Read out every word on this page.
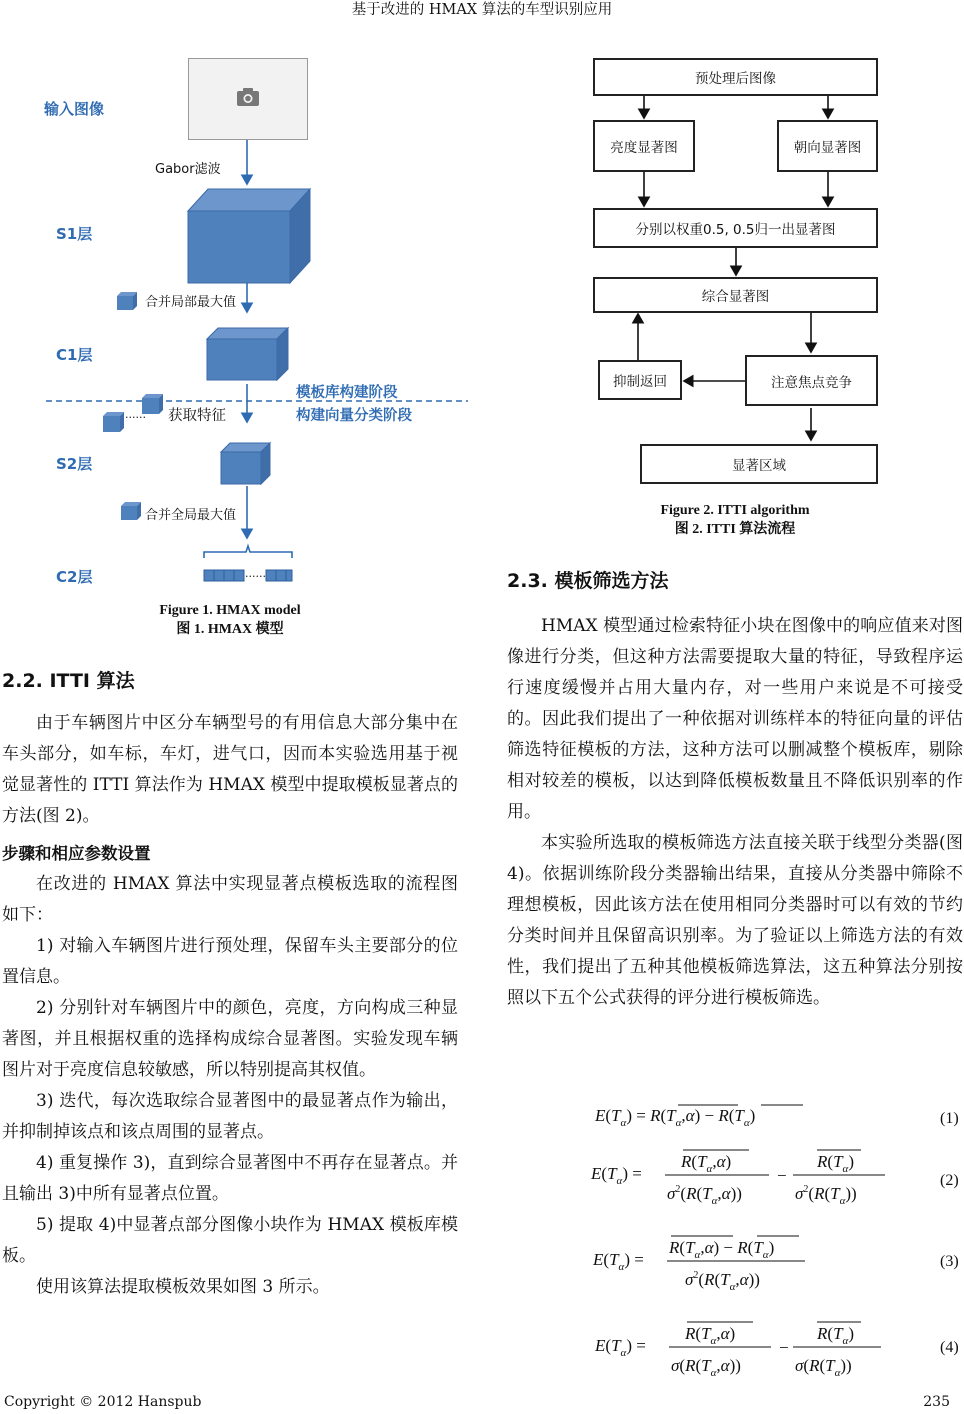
基于改进的 HMAX 算法的车型识别应用
Copyright © 2012 Hanspub	235
输入图像
S1层
C1层
S2层
C2层
Gabor滤波
合并局部最大值
模板库构建阶段
构建向量分类阶段
...... 获取特征
合并全局最大值
......
Figure 1. HMAX model
图 1. HMAX 模型
预处理后图像
亮度显著图	朝向显著图
分别以权重0.5, 0.5归一出显著图
综合显著图
抑制返回	注意焦点竞争
显著区域
Figure 2. ITTI algorithm
图 2. ITTI 算法流程

2.2. ITTI 算法

由于车辆图片中区分车辆型号的有用信息大部分集中在车头部分，如车标，车灯，进气口，因而本实验选用基于视觉显著性的 ITTI 算法作为 HMAX 模型中提取模板显著点的方法(图 2)。

步骤和相应参数设置

在改进的 HMAX 算法中实现显著点模板选取的流程图如下：

1) 对输入车辆图片进行预处理，保留车头主要部分的位置信息。

2) 分别针对车辆图片中的颜色，亮度，方向构成三种显著图，并且根据权重的选择构成综合显著图。实验发现车辆图片对于亮度信息较敏感，所以特别提高其权值。

3) 迭代，每次选取综合显著图中的最显著点作为输出，并抑制掉该点和该点周围的显著点。

4) 重复操作 3)，直到综合显著图中不再存在显著点。并且输出 3)中所有显著点位置。

5) 提取 4)中显著点部分图像小块作为 HMAX 模板库模板。

使用该算法提取模板效果如图 3 所示。

2.3. 模板筛选方法

HMAX 模型通过检索特征小块在图像中的响应值来对图像进行分类，但这种方法需要提取大量的特征，导致程序运行速度缓慢并占用大量内存，对一些用户来说是不可接受的。因此我们提出了一种依据对训练样本的特征向量的评估筛选特征模板的方法，这种方法可以删减整个模板库，剔除相对较差的模板，以达到降低模板数量且不降低识别率的作用。

本实验所选取的模板筛选方法直接关联于线型分类器(图 4)。依据训练阶段分类器输出结果，直接从分类器中筛除不理想模板，因此该方法在使用相同分类器时可以有效的节约分类时间并且保留高识别率。为了验证以上筛选方法的有效性，我们提出了五种其他模板筛选算法，这五种算法分别按照以下五个公式获得的评分进行模板筛选。

$E(T_\alpha) = R(T_\alpha,\alpha) - R(T_\alpha)$
$E(T_\alpha)$ =
$R(T_\alpha,\alpha)$
$\sigma^2(R(T_\alpha,\alpha))$
−
$R(T_\alpha)$
$\sigma^2(R(T_\alpha))$
$E(T_\alpha)$ =
$R(T_\alpha,\alpha) - R(T_\alpha)$
$\sigma^2(R(T_\alpha,\alpha))$
$E(T_\alpha)$ =
$R(T_\alpha,\alpha)$
$\sigma(R(T_\alpha,\alpha))$
−
$R(T_\alpha)$
$\sigma(R(T_\alpha))$
(1)
(2)
(3)
(4)
